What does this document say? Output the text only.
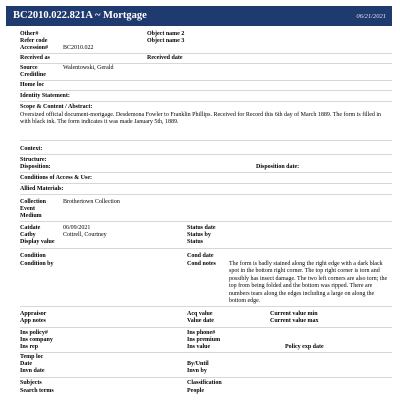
BC2010.022.821A ~ Mortgage	06/21/2021
Other#	Object name 2
Refer code	Object name 3
Accession#	BC2010.022
Received as	Received date
Source	Walentowski, Gerald
Creditline
Home loc
Identity Statement:
Scope & Content / Abstract:
Oversized official document-mortgage. Desdemona Fowler to Franklin Phillips. Received for Record this 6th day of March 1889. The form is filled in with black ink. The form indicates it was made January 5th, 1889.
Context:
Structure:
Disposition:	Disposition date:
Conditions of Access & Use:
Allied Materials:
Collection	Brothertown Collection
Event
Medium
Catdate	06/09/2021	Status date
Catby	Cottrell, Courtney	Status by
Display value	Status
Condition	Cond date
Condition by	Cond notes The form is badly stained along the right edge with a dark black spot in the bottom right corner. The top right corner is torn and possibly has insect damage. The two left corners are also torn; the top from being folded and the bottom was ripped. There are numbers tears along the edges including a large on along the bottom edge.
Appraisor	Acq value	Current value min
App notes	Value date	Current value max
Ins policy#	Ins phone#
Ins company	Ins premium
Ins rep	Ins value	Policy exp date
Temp loc
Date	By/Until
Invn date	Invn by
Subjects	Classification
Search terms	People
